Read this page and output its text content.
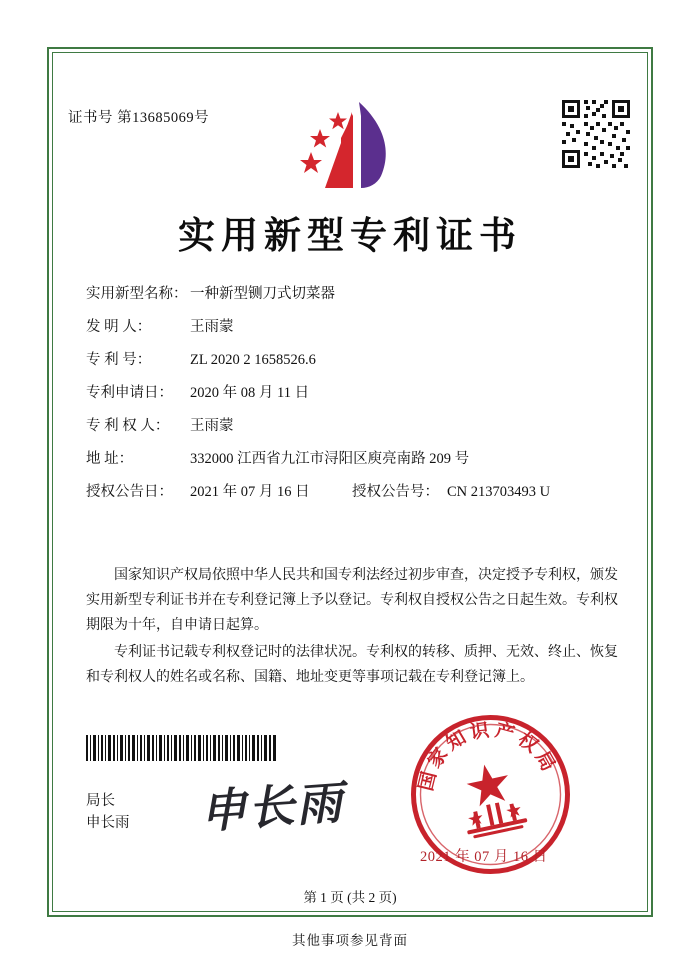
证书号 第13685069号
实用新型专利证书
实用新型名称： 一种新型铡刀式切菜器
发 明 人：	王雨蒙
专 利 号：	ZL 2020 2 1658526.6
专利申请日：	2020 年 08 月 11 日
专 利 权 人：	王雨蒙
地 址：	332000 江西省九江市浔阳区庾亮南路 209 号
授权公告日：	2021 年 07 月 16 日	授权公告号： CN 213703493 U

国家知识产权局依照中华人民共和国专利法经过初步审查，决定授予专利权，颁发实用新型专利证书并在专利登记簿上予以登记。专利权自授权公告之日起生效。专利权期限为十年，自申请日起算。

专利证书记载专利权登记时的法律状况。专利权的转移、质押、无效、终止、恢复和专利权人的姓名或名称、国籍、地址变更等事项记载在专利登记簿上。

局长
申长雨 申长雨	国家知识产权局
2021 年 07 月 16 日
第 1 页 (共 2 页)
其他事项参见背面
